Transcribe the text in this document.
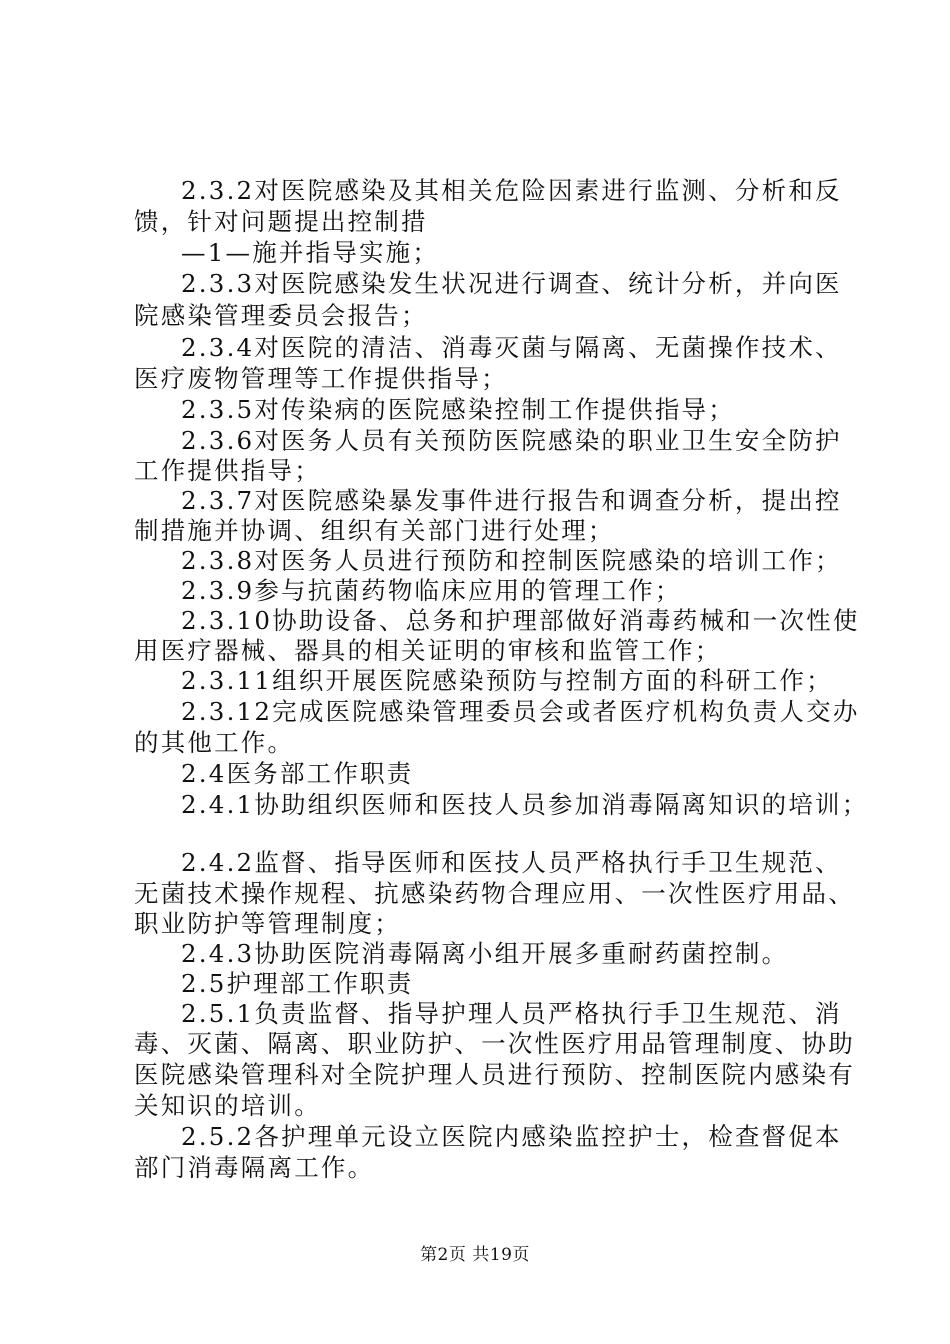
2.3.2对医院感染及其相关危险因素进行监测、分析和反
馈，针对问题提出控制措
—1—施并指导实施；
2.3.3对医院感染发生状况进行调查、统计分析，并向医
院感染管理委员会报告；
2.3.4对医院的清洁、消毒灭菌与隔离、无菌操作技术、
医疗废物管理等工作提供指导；
2.3.5对传染病的医院感染控制工作提供指导；
2.3.6对医务人员有关预防医院感染的职业卫生安全防护
工作提供指导；
2.3.7对医院感染暴发事件进行报告和调查分析，提出控
制措施并协调、组织有关部门进行处理；
2.3.8对医务人员进行预防和控制医院感染的培训工作；
2.3.9参与抗菌药物临床应用的管理工作；
2.3.10协助设备、总务和护理部做好消毒药械和一次性使
用医疗器械、器具的相关证明的审核和监管工作；
2.3.11组织开展医院感染预防与控制方面的科研工作；
2.3.12完成医院感染管理委员会或者医疗机构负责人交办
的其他工作。
2.4医务部工作职责
2.4.1协助组织医师和医技人员参加消毒隔离知识的培训；
2.4.2监督、指导医师和医技人员严格执行手卫生规范、
无菌技术操作规程、抗感染药物合理应用、一次性医疗用品、
职业防护等管理制度；
2.4.3协助医院消毒隔离小组开展多重耐药菌控制。
2.5护理部工作职责
2.5.1负责监督、指导护理人员严格执行手卫生规范、消
毒、灭菌、隔离、职业防护、一次性医疗用品管理制度、协助
医院感染管理科对全院护理人员进行预防、控制医院内感染有
关知识的培训。
2.5.2各护理单元设立医院内感染监控护士，检查督促本
部门消毒隔离工作。
第2页 共19页
